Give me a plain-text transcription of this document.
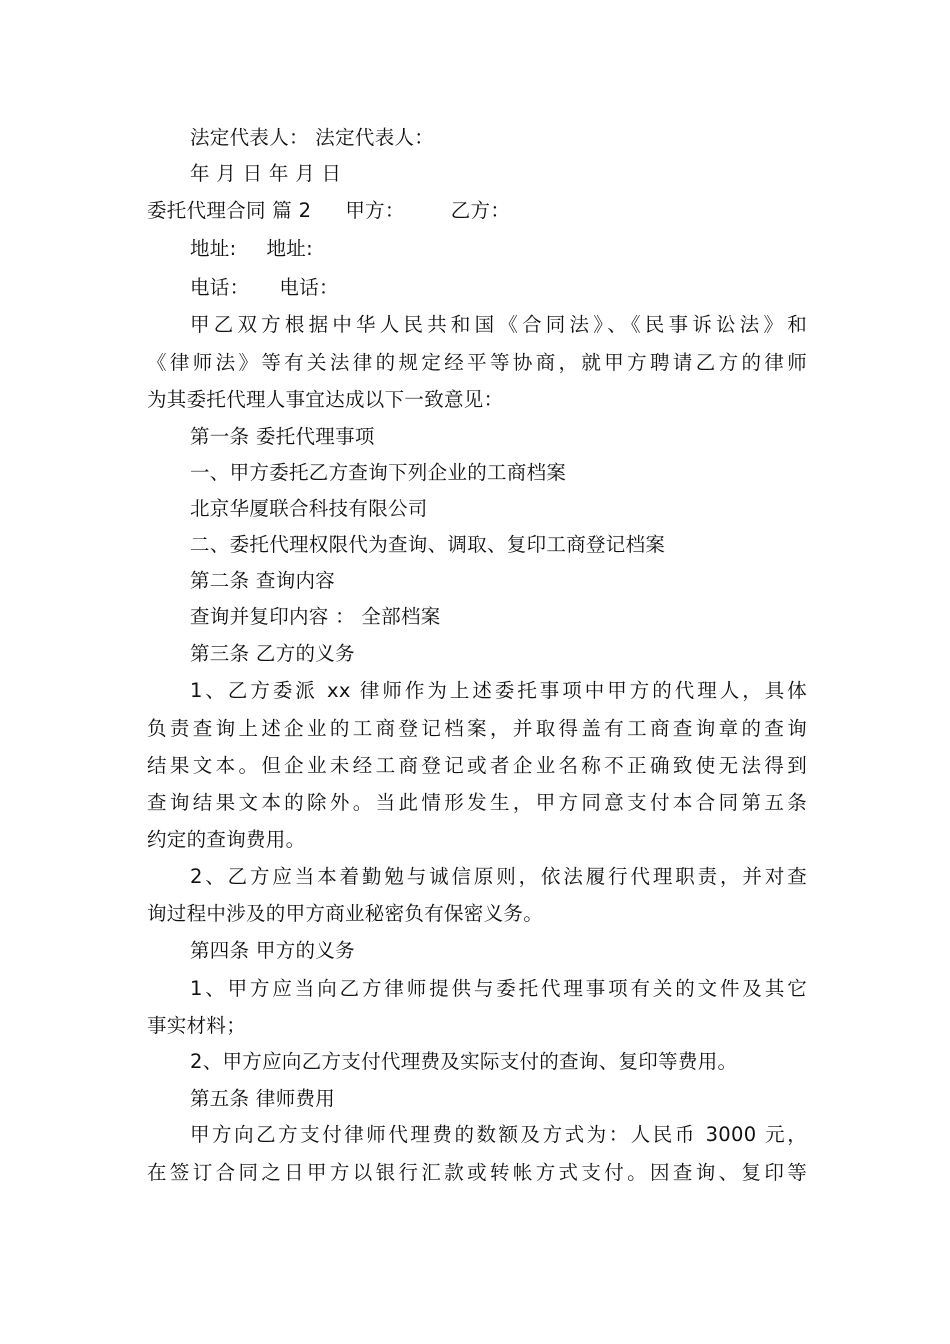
法定代表人： 法定代表人：
年 月 日 年 月 日
委托代理合同 篇 2 甲方： 乙方：
地址: 地址:
电话： 电话：
甲乙双方根据中华人民共和国《合同法》、《民事诉讼法》和
《律师法》等有关法律的规定经平等协商，就甲方聘请乙方的律师
为其委托代理人事宜达成以下一致意见：
第一条 委托代理事项
一、甲方委托乙方查询下列企业的工商档案
北京华厦联合科技有限公司
二、委托代理权限代为查询、调取、复印工商登记档案
第二条 查询内容
查询并复印内容 ： 全部档案
第三条 乙方的义务
1、乙方委派 xx 律师作为上述委托事项中甲方的代理人，具体
负责查询上述企业的工商登记档案，并取得盖有工商查询章的查询
结果文本。但企业未经工商登记或者企业名称不正确致使无法得到
查询结果文本的除外。当此情形发生，甲方同意支付本合同第五条
约定的查询费用。
2、乙方应当本着勤勉与诚信原则，依法履行代理职责，并对查
询过程中涉及的甲方商业秘密负有保密义务。
第四条 甲方的义务
1、甲方应当向乙方律师提供与委托代理事项有关的文件及其它
事实材料；
2、甲方应向乙方支付代理费及实际支付的查询、复印等费用。
第五条 律师费用
甲方向乙方支付律师代理费的数额及方式为：人民币 3000 元，
在签订合同之日甲方以银行汇款或转帐方式支付。因查询、复印等
